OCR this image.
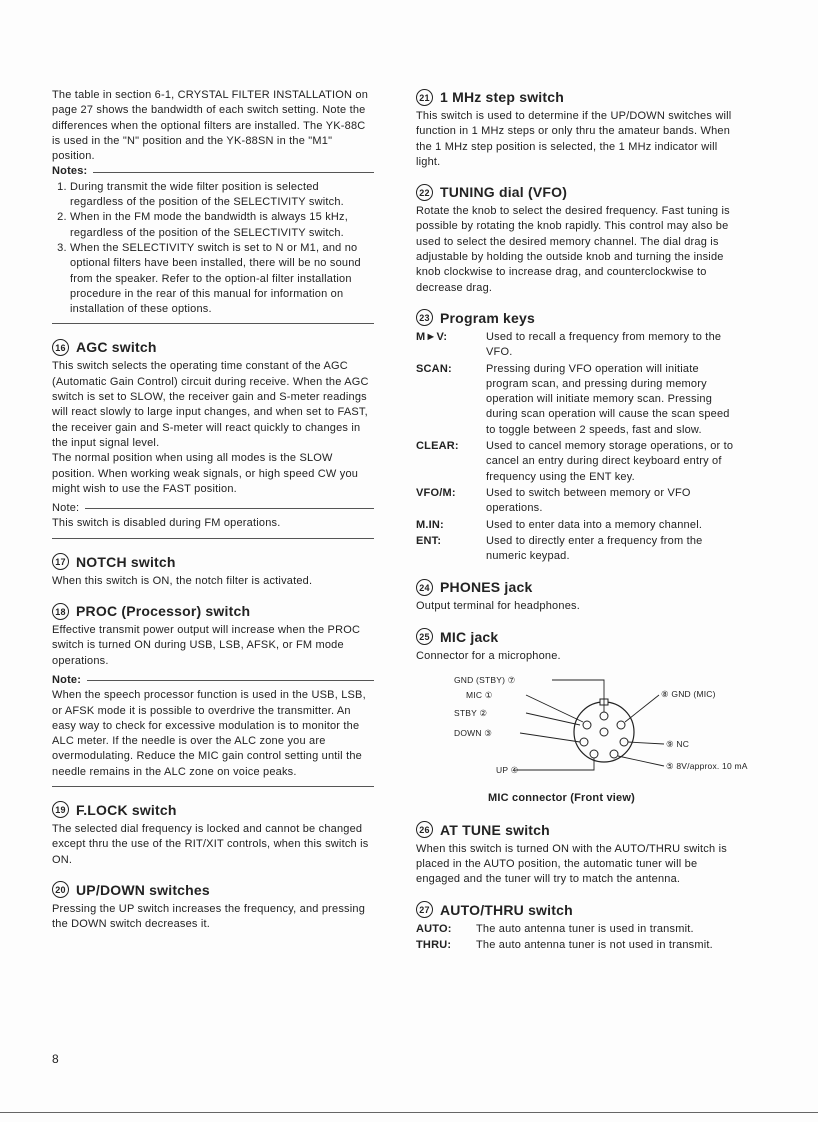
The table in section 6-1, CRYSTAL FILTER INSTALLATION on page 27 shows the bandwidth of each switch setting. Note the differences when the optional filters are installed. The YK-88C is used in the "N" position and the YK-88SN in the "M1" position.

Notes:
1. During transmit the wide filter position is selected regardless of the position of the SELECTIVITY switch.
2. When in the FM mode the bandwidth is always 15 kHz, regardless of the position of the SELECTIVITY switch.
3. When the SELECTIVITY switch is set to N or M1, and no optional filters have been installed, there will be no sound from the speaker. Refer to the option-al filter installation procedure in the rear of this manual for information on installation of these options.
16 AGC switch

This switch selects the operating time constant of the AGC (Automatic Gain Control) circuit during receive. When the AGC switch is set to SLOW, the receiver gain and S-meter readings will react slowly to large input changes, and when set to FAST, the receiver gain and S-meter will react quickly to changes in the input signal level.

The normal position when using all modes is the SLOW position. When working weak signals, or high speed CW you might wish to use the FAST position.

Note:

This switch is disabled during FM operations.

17 NOTCH switch

When this switch is ON, the notch filter is activated.

18 PROC (Processor) switch

Effective transmit power output will increase when the PROC switch is turned ON during USB, LSB, AFSK, or FM mode operations.

Note:

When the speech processor function is used in the USB, LSB, or AFSK mode it is possible to overdrive the transmitter. An easy way to check for excessive modulation is to monitor the ALC meter. If the needle is over the ALC zone you are overmodulating. Reduce the MIC gain control setting until the needle remains in the ALC zone on voice peaks.

19 F.LOCK switch

The selected dial frequency is locked and cannot be changed except thru the use of the RIT/XIT controls, when this switch is ON.

20 UP/DOWN switches

Pressing the UP switch increases the frequency, and pressing the DOWN switch decreases it.

21 1 MHz step switch

This switch is used to determine if the UP/DOWN switches will function in 1 MHz steps or only thru the amateur bands. When the 1 MHz step position is selected, the 1 MHz indicator will light.

22 TUNING dial (VFO)

Rotate the knob to select the desired frequency. Fast tuning is possible by rotating the knob rapidly. This control may also be used to select the desired memory channel. The dial drag is adjustable by holding the outside knob and turning the inside knob clockwise to increase drag, and counterclockwise to decrease drag.

23 Program keys
M►V:	Used to recall a frequency from memory to the VFO.
SCAN:	Pressing during VFO operation will initiate program scan, and pressing during memory operation will initiate memory scan. Pressing during scan operation will cause the scan speed to toggle between 2 speeds, fast and slow.
CLEAR:	Used to cancel memory storage operations, or to cancel an entry during direct keyboard entry of frequency using the ENT key.
VFO/M:	Used to switch between memory or VFO operations.
M.IN:	Used to enter data into a memory channel.
ENT:	Used to directly enter a frequency from the numeric keypad.
24 PHONES jack

Output terminal for headphones.

25 MIC jack

Connector for a microphone.

GND (STBY) ⑦
MIC ①
STBY ②
DOWN ③
UP ④
⑧ GND (MIC)
⑨ NC
⑤ 8V/approx. 10 mA
MIC connector (Front view)
26 AT TUNE switch

When this switch is turned ON with the AUTO/THRU switch is placed in the AUTO position, the automatic tuner will be engaged and the tuner will try to match the antenna.

27 AUTO/THRU switch
AUTO:	The auto antenna tuner is used in transmit.
THRU:	The auto antenna tuner is not used in transmit.
8
